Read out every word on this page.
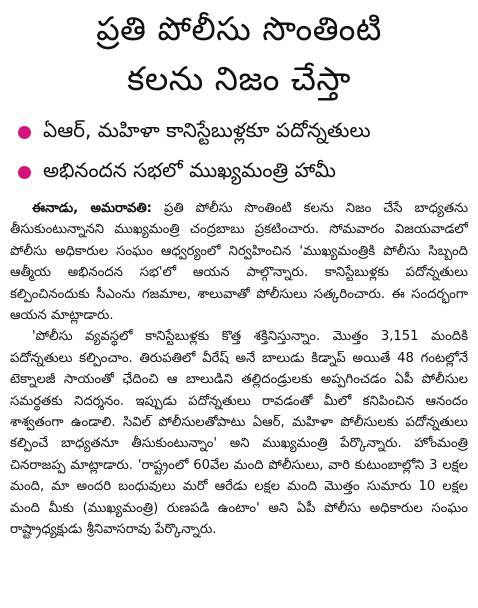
ప్రతి పోలీసు సొంతింటి
కలను నిజం చేస్తా
ఏఆర్‌, మహిళా కానిస్టేబుళ్లకూ పదోన్నతులు
అభినందన సభలో ముఖ్యమంత్రి హామీ

ఈనాడు, అమరావతి: ప్రతి పోలీసు సొంతింటి కలను నిజం చేసే బాధ్యతను తీసుకుంటున్నానని ముఖ్యమంత్రి చంద్రబాబు ప్రకటించారు. సోమవారం విజయవాడలో పోలీసు అధికారుల సంఘం ఆధ్వర్యంలో నిర్వహించిన 'ముఖ్యమంత్రికి పోలీసు సిబ్బంది ఆత్మీయ అభినందన సభ'లో ఆయన పాల్గొన్నారు. కానిస్టేబుళ్లకు పదోన్నతులు కల్పించినందుకు సీఎంను గజమాల, శాలువాతో పోలీసులు సత్కరించారు. ఈ సందర్భంగా ఆయన మాట్లాడారు.

'పోలీసు వ్యవస్థలో కానిస్టేబుళ్లకు కొత్త శక్తినిస్తున్నాం. మొత్తం 3,151 మందికి పదోన్నతులు కల్పించాం. తిరుపతిలో వీరేష్‌ అనే బాలుడు కిడ్నాప్‌ అయితే 48 గంటల్లోనే టెక్నాలజీ సాయంతో ఛేదించి ఆ బాలుడిని తల్లిదండ్రులకు అప్పగించడం ఏపీ పోలీసుల సమర్థతకు నిదర్శనం. ఇప్పుడు పదోన్నతులు రావడంతో మీలో కనిపించిన ఆనందం శాశ్వతంగా ఉండాలి. సివిల్‌ పోలీసులతోపాటు ఏఆర్‌, మహిళా పోలీసులకు పదోన్నతులు కల్పించే బాధ్యతనూ తీసుకుంటున్నాం' అని ముఖ్యమంత్రి పేర్కొన్నారు. హోంమంత్రి చినరాజప్ప మాట్లాడారు. 'రాష్ట్రంలో 60వేల మంది పోలీసులు, వారి కుటుంబాల్లోని 3 లక్షల మంది, మా అందరి బంధువులు మరో ఆరేడు లక్షల మంది మొత్తం సుమారు 10 లక్షల మంది మీకు (ముఖ్యమంత్రి) రుణపడి ఉంటాం' అని ఏపీ పోలీసు అధికారుల సంఘం రాష్ట్రాధ్యక్షుడు శ్రీనివాసరావు పేర్కొన్నారు.
